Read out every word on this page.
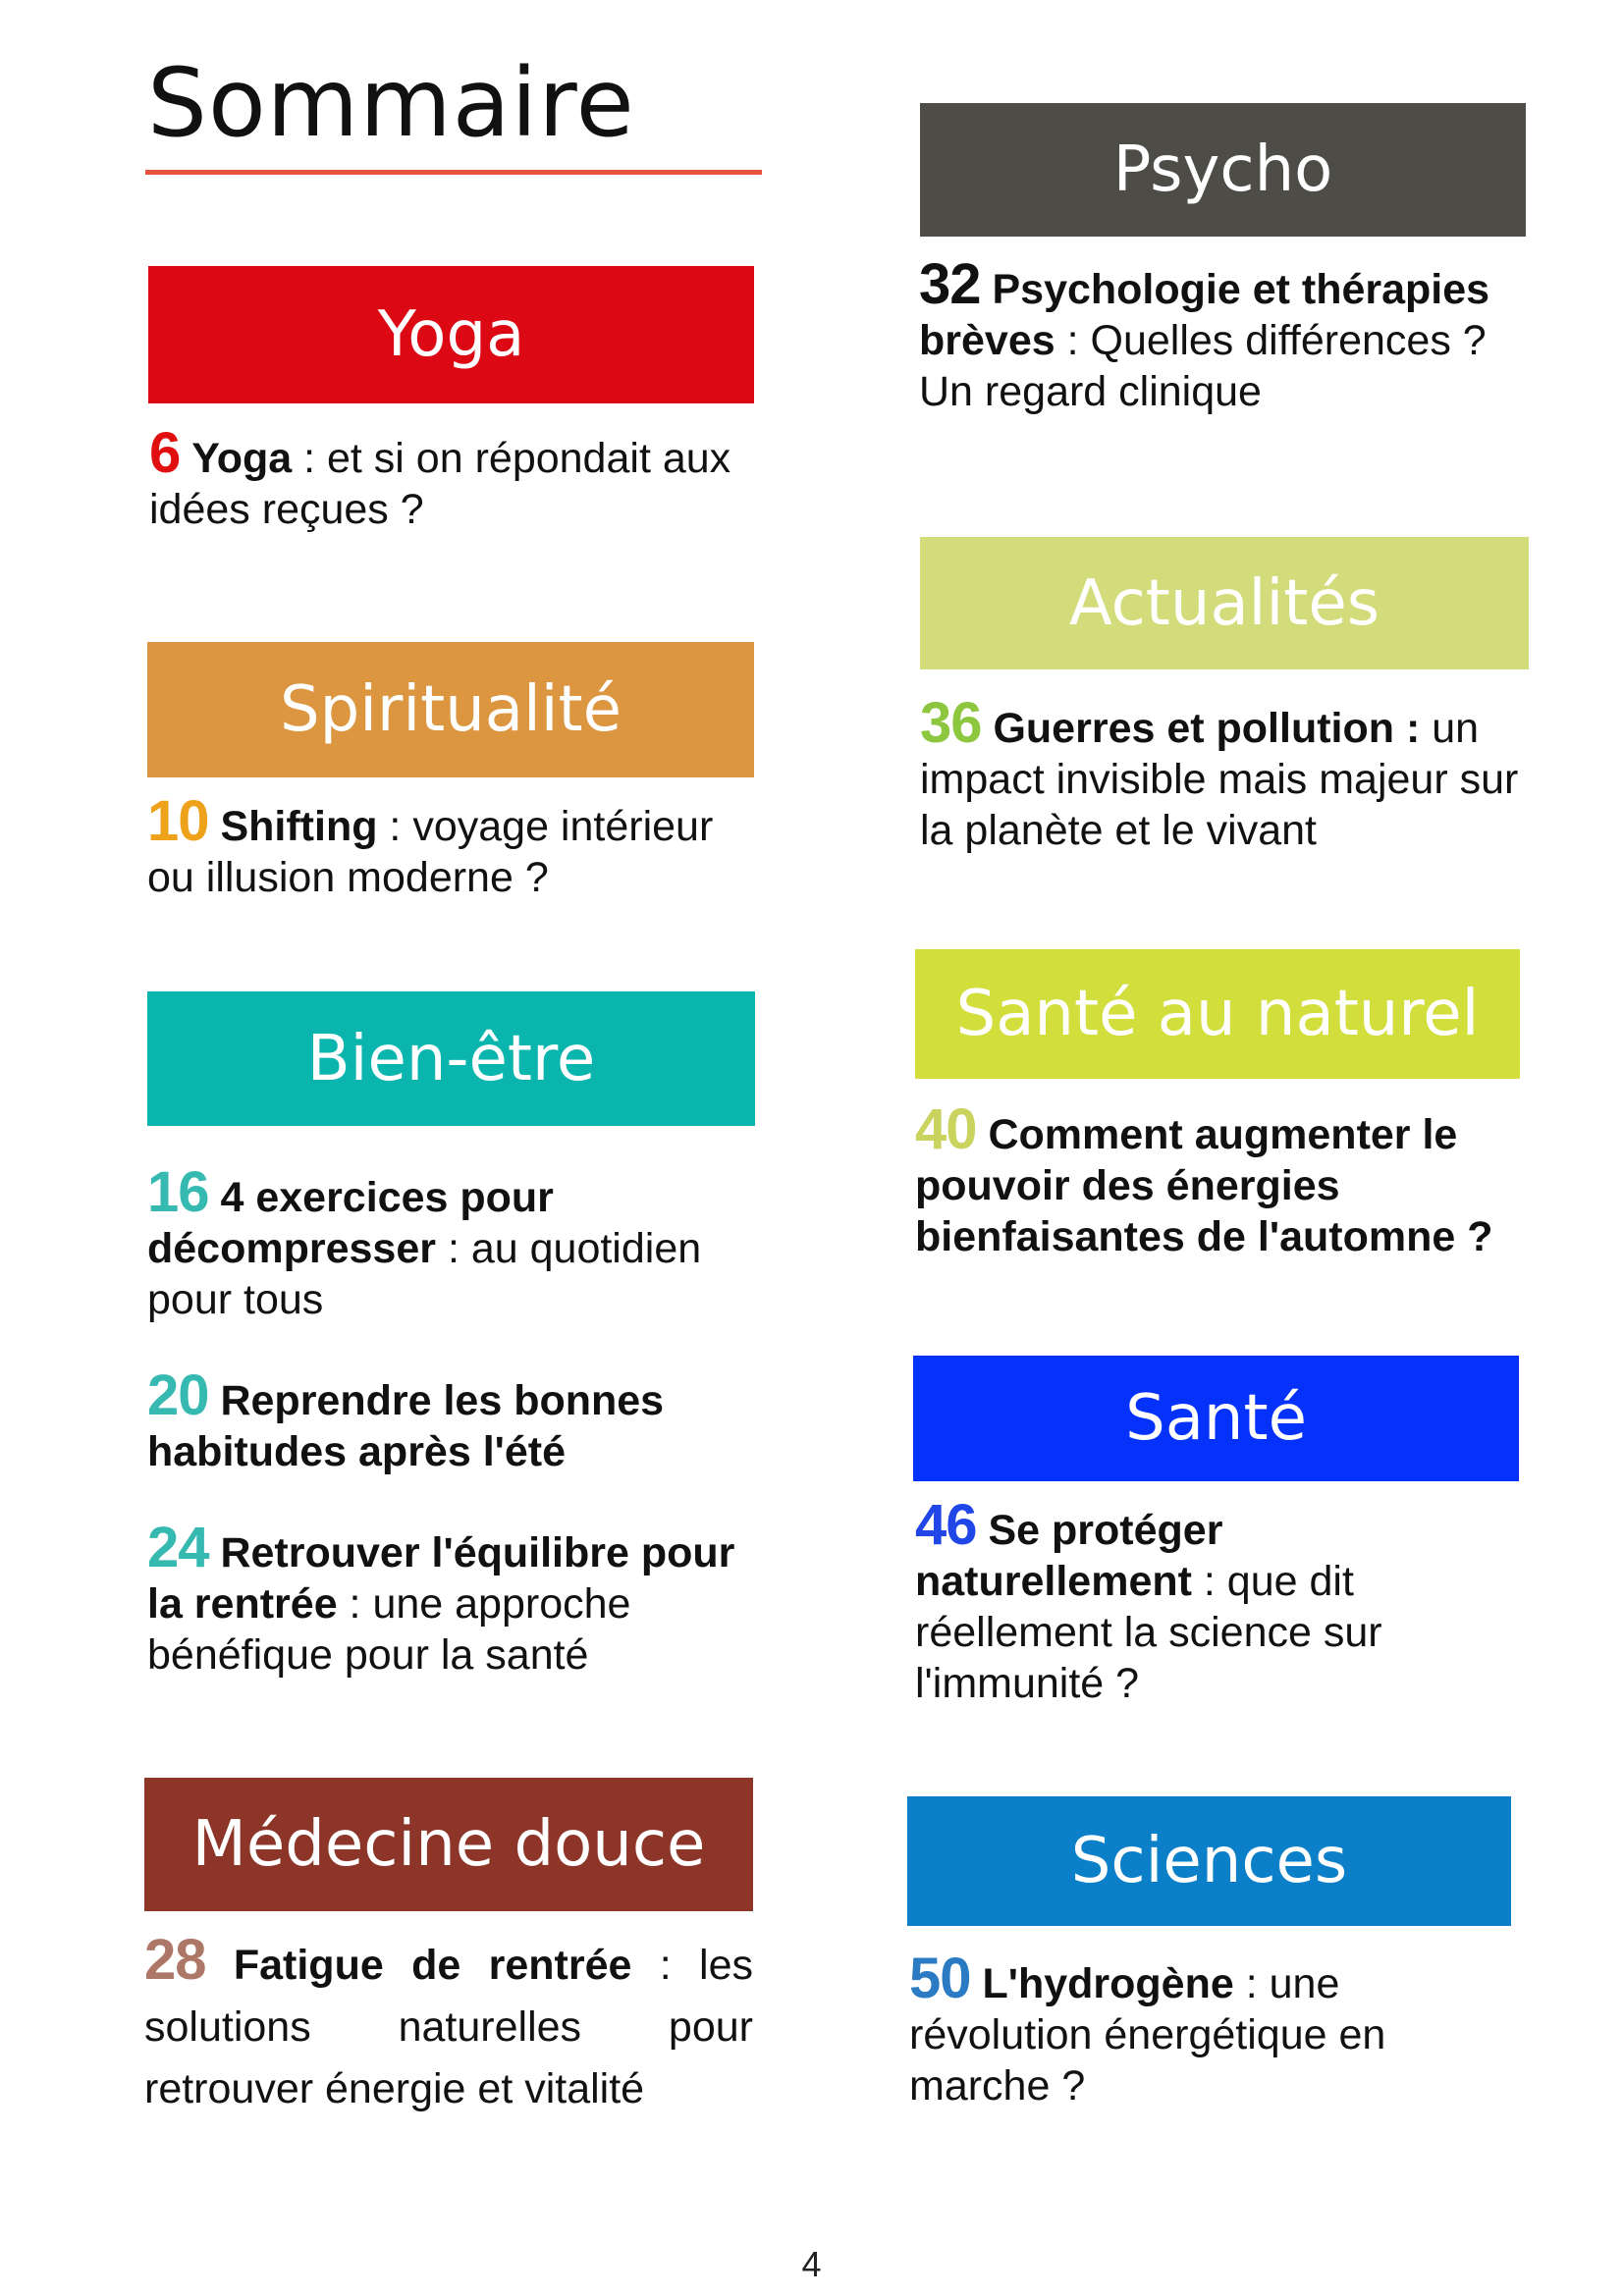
Sommaire
Yoga
6 Yoga : et si on répondait aux idées reçues ?
Spiritualité
10 Shifting : voyage intérieur ou illusion moderne ?
Bien-être
16 4 exercices pour décompresser : au quotidien pour tous
20 Reprendre les bonnes habitudes après l'été
24 Retrouver l'équilibre pour la rentrée : une approche bénéfique pour la santé
Médecine douce
28 Fatigue de rentrée : les solutions naturelles pour retrouver énergie et vitalité
Psycho
32 Psychologie et thérapies brèves : Quelles différences ? Un regard clinique
Actualités
36 Guerres et pollution : un impact invisible mais majeur sur la planète et le vivant
Santé au naturel
40 Comment augmenter le pouvoir des énergies bienfaisantes de l'automne ?
Santé
46 Se protéger naturellement : que dit réellement la science sur l'immunité ?
Sciences
50 L'hydrogène : une révolution énergétique en marche ?
4
